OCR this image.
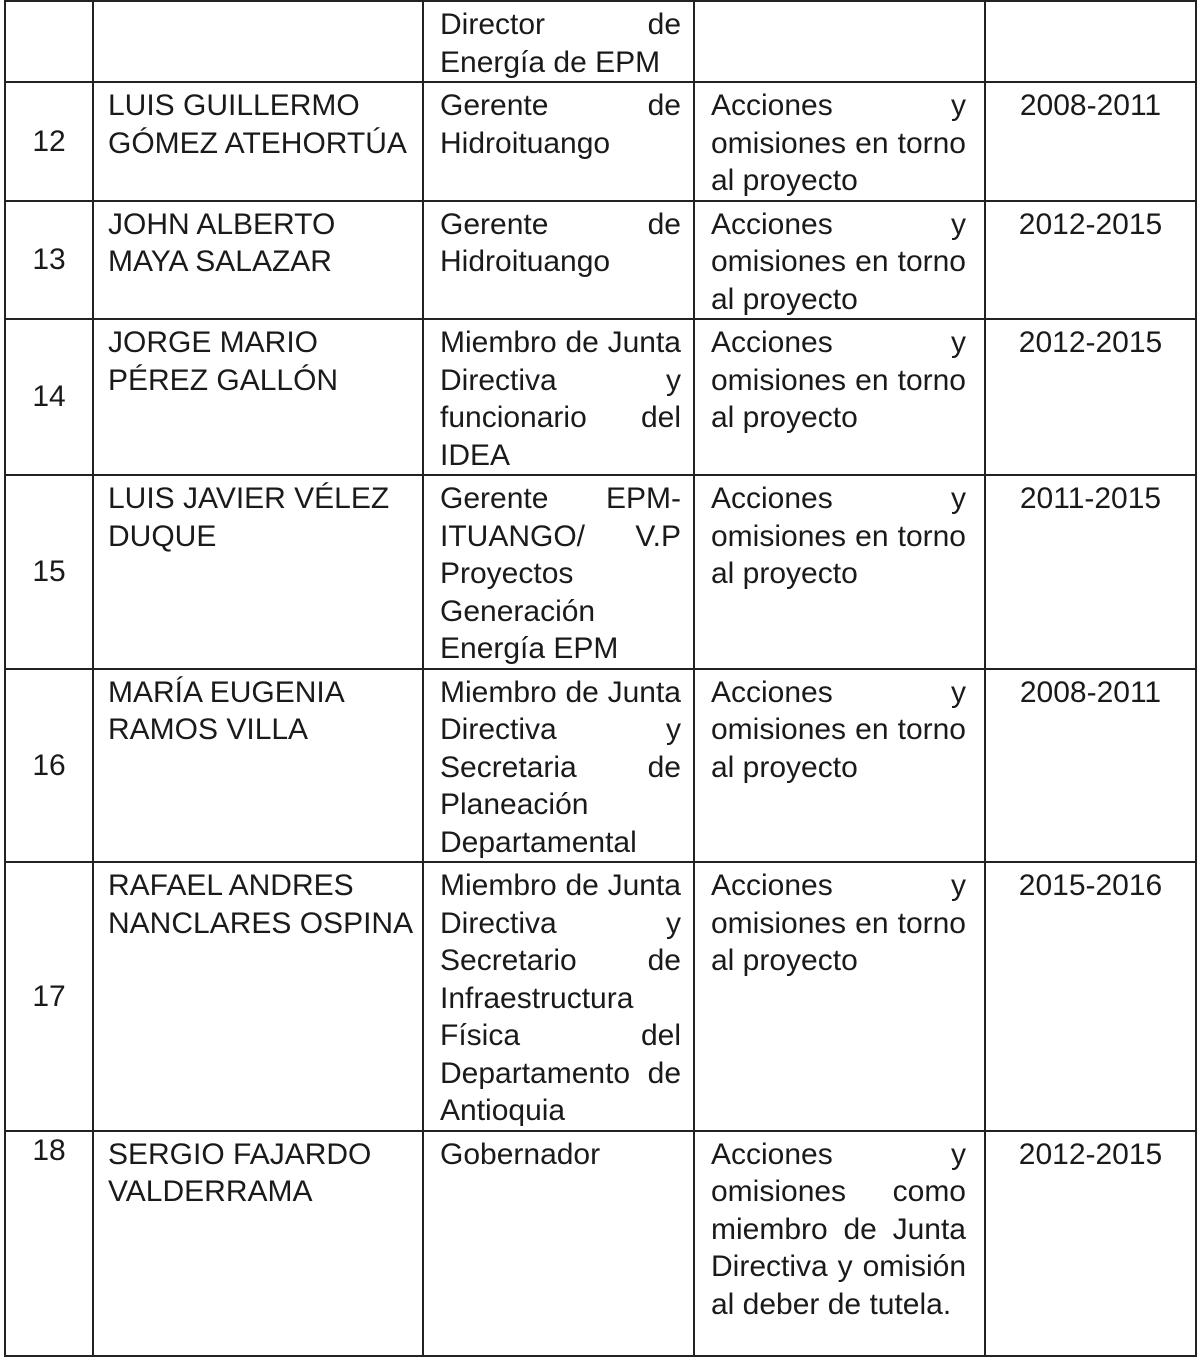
		Director de Energía de EPM		
12	LUIS GUILLERMO GÓMEZ ATEHORTÚA	Gerente de Hidroituango	Acciones y omisiones en torno al proyecto	2008-2011
13	JOHN ALBERTO MAYA SALAZAR	Gerente de Hidroituango	Acciones y omisiones en torno al proyecto	2012-2015
14	JORGE MARIO PÉREZ GALLÓN	Miembro de Junta Directiva y funcionario del IDEA	Acciones y omisiones en torno al proyecto	2012-2015
15	LUIS JAVIER VÉLEZ DUQUE	Gerente EPM-ITUANGO/ V.P Proyectos Generación Energía EPM	Acciones y omisiones en torno al proyecto	2011-2015
16	MARÍA EUGENIA RAMOS VILLA	Miembro de Junta Directiva y Secretaria de Planeación Departamental	Acciones y omisiones en torno al proyecto	2008-2011
17	RAFAEL ANDRES NANCLARES OSPINA	Miembro de Junta Directiva y Secretario de Infraestructura Física del Departamento de Antioquia	Acciones y omisiones en torno al proyecto	2015-2016
18	SERGIO FAJARDO VALDERRAMA	Gobernador	Acciones y omisiones como miembro de Junta Directiva y omisión al deber de tutela.	2012-2015
